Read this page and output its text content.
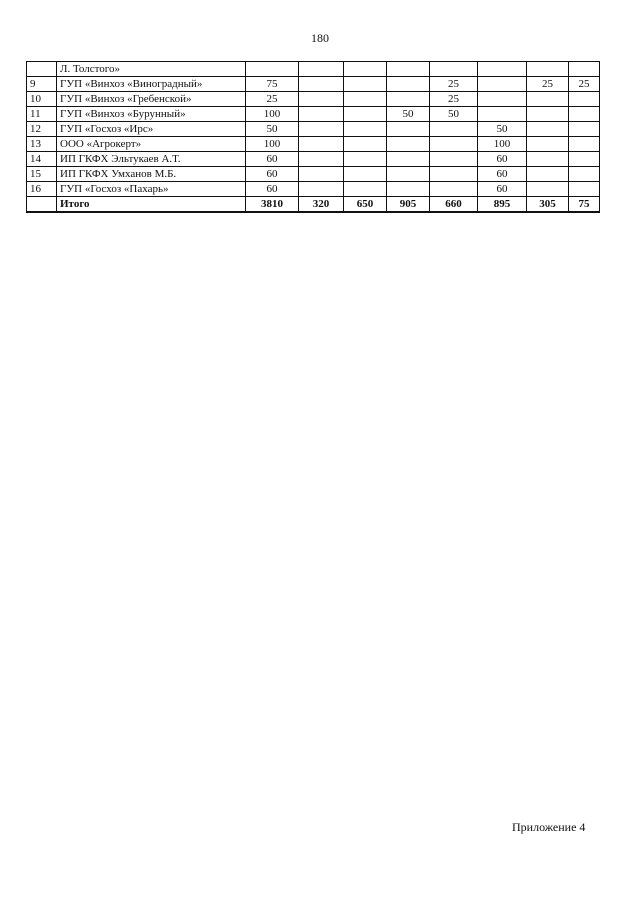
180
	Л. Толстого»								
9	ГУП «Винхоз «Виноградный»	75				25		25	25
10	ГУП «Винхоз «Гребенской»	25				25			
11	ГУП «Винхоз «Бурунный»	100			50	50			
12	ГУП «Госхоз «Ирс»	50					50		
13	ООО «Агрокерт»	100					100		
14	ИП ГКФХ Эльтукаев А.Т.	60					60		
15	ИП ГКФХ Умханов М.Б.	60					60		
16	ГУП «Госхоз «Пахарь»	60					60		
	Итого	3810	320	650	905	660	895	305	75
Приложение 4
